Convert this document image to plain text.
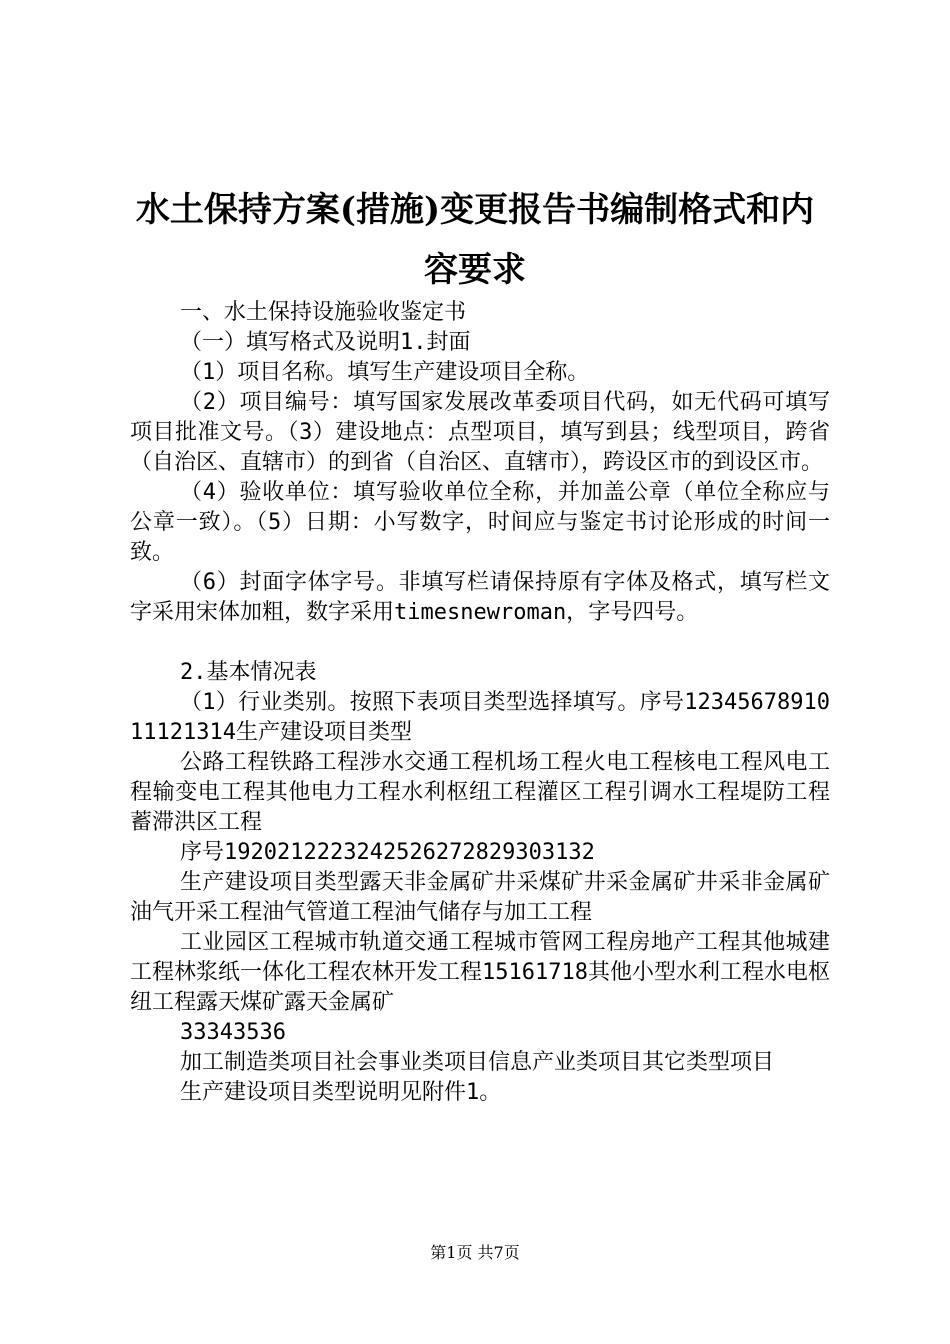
水土保持方案(措施)变更报告书编制格式和内
容要求

一、水土保持设施验收鉴定书

（一）填写格式及说明1.封面

（1）项目名称。填写生产建设项目全称。

（2）项目编号：填写国家发展改革委项目代码，如无代码可填写项目批准文号。（3）建设地点：点型项目，填写到县；线型项目，跨省（自治区、直辖市）的到省（自治区、直辖市），跨设区市的到设区市。

（4）验收单位：填写验收单位全称，并加盖公章（单位全称应与公章一致）。（5）日期：小写数字，时间应与鉴定书讨论形成的时间一致。

（6）封面字体字号。非填写栏请保持原有字体及格式，填写栏文字采用宋体加粗，数字采用timesnewroman，字号四号。

2.基本情况表

（1）行业类别。按照下表项目类型选择填写。序号1234567891011121314生产建设项目类型

公路工程铁路工程涉水交通工程机场工程火电工程核电工程风电工程输变电工程其他电力工程水利枢纽工程灌区工程引调水工程堤防工程蓄滞洪区工程

序号1920212223242526272829303132

生产建设项目类型露天非金属矿井采煤矿井采金属矿井采非金属矿油气开采工程油气管道工程油气储存与加工工程

工业园区工程城市轨道交通工程城市管网工程房地产工程其他城建工程林浆纸一体化工程农林开发工程15161718其他小型水利工程水电枢纽工程露天煤矿露天金属矿

33343536

加工制造类项目社会事业类项目信息产业类项目其它类型项目

生产建设项目类型说明见附件1。

第1页 共7页
